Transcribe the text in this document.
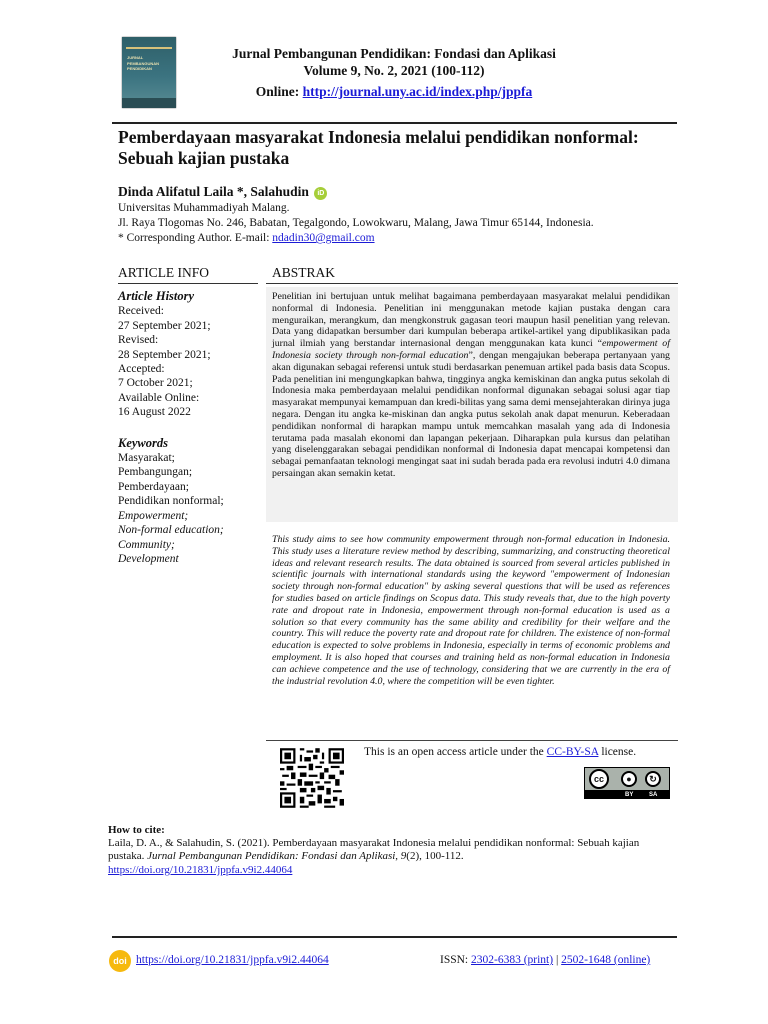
JURNAL
PEMBANGUNAN PENDIDIKAN
Jurnal Pembangunan Pendidikan: Fondasi dan Aplikasi
Volume 9, No. 2, 2021 (100-112)
Online: http://journal.uny.ac.id/index.php/jppfa
Pemberdayaan masyarakat Indonesia melalui pendidikan nonformal:
Sebuah kajian pustaka
Dinda Alifatul Laila *, Salahudin iD
Universitas Muhammadiyah Malang.
Jl. Raya Tlogomas No. 246, Babatan, Tegalgondo, Lowokwaru, Malang, Jawa Timur 65144, Indonesia.
* Corresponding Author. E-mail: ndadin30@gmail.com
ARTICLE INFO
Article History
Received:
27 September 2021;
Revised:
28 September 2021;
Accepted:
7 October 2021;
Available Online:
16 August 2022
Keywords
Masyarakat;
Pembangungan;
Pemberdayaan;
Pendidikan nonformal;
Empowerment;
Non-formal education;
Community;
Development
ABSTRAK
Penelitian ini bertujuan untuk melihat bagaimana pemberdayaan masyarakat melalui pendidikan nonformal di Indonesia. Penelitian ini menggunakan metode kajian pustaka dengan cara menguraikan, merangkum, dan mengkonstruk gagasan teori maupun hasil penelitian yang relevan. Data yang didapatkan bersumber dari kumpulan beberapa artikel-artikel yang dipublikasikan pada jurnal ilmiah yang berstandar internasional dengan menggunakan kata kunci “empowerment of Indonesia society through non-formal education”, dengan mengajukan beberapa pertanyaan yang akan digunakan sebagai referensi untuk studi berdasarkan penemuan artikel pada basis data Scopus. Pada penelitian ini mengungkapkan bahwa, tingginya angka kemiskinan dan angka putus sekolah di Indonesia maka pemberdayaan melalui pendidikan nonformal digunakan sebagai solusi agar tiap masyarakat mempunyai kemampuan dan kredi-bilitas yang sama demi mensejahterakan dirinya juga negara. Dengan itu angka ke-miskinan dan angka putus sekolah anak dapat menurun. Keberadaan pendidikan nonformal di harapkan mampu untuk memcahkan masalah yang ada di Indonesia terutama pada masalah ekonomi dan lapangan pekerjaan. Diharapkan pula kursus dan pelatihan yang diselenggarakan sebagai pendidikan nonformal di Indonesia dapat mencapai kompetensi dan sebagai pemanfaatan teknologi mengingat saat ini sudah berada pada era revolusi indutri 4.0 dimana persaingan akan semakin ketat.
This study aims to see how community empowerment through non-formal education in Indonesia. This study uses a literature review method by describing, summarizing, and constructing theoretical ideas and relevant research results. The data obtained is sourced from several articles published in scientific journals with international standards using the keyword "empowerment of Indonesian society through non-formal education" by asking several questions that will be used as references for studies based on article findings on Scopus data. This study reveals that, due to the high poverty rate and dropout rate in Indonesia, empowerment through non-formal education is used as a solution so that every community has the same ability and credibility for their welfare and the country. This will reduce the poverty rate and dropout rate for children. The existence of non-formal education is expected to solve problems in Indonesia, especially in terms of economic problems and employment. It is also hoped that courses and training held as non-formal education in Indonesia can achieve competence and the use of technology, considering that we are currently in the era of the industrial revolution 4.0, where the competition will be even tighter.
This is an open access article under the CC-BY-SA license.
cc	●	↻
BY	SA
How to cite:
Laila, D. A., & Salahudin, S. (2021). Pemberdayaan masyarakat Indonesia melalui pendidikan nonformal: Sebuah kajian pustaka. Jurnal Pembangunan Pendidikan: Fondasi dan Aplikasi, 9(2), 100-112.
https://doi.org/10.21831/jppfa.v9i2.44064
doi https://doi.org/10.21831/jppfa.v9i2.44064	ISSN: 2302-6383 (print) | 2502-1648 (online)
